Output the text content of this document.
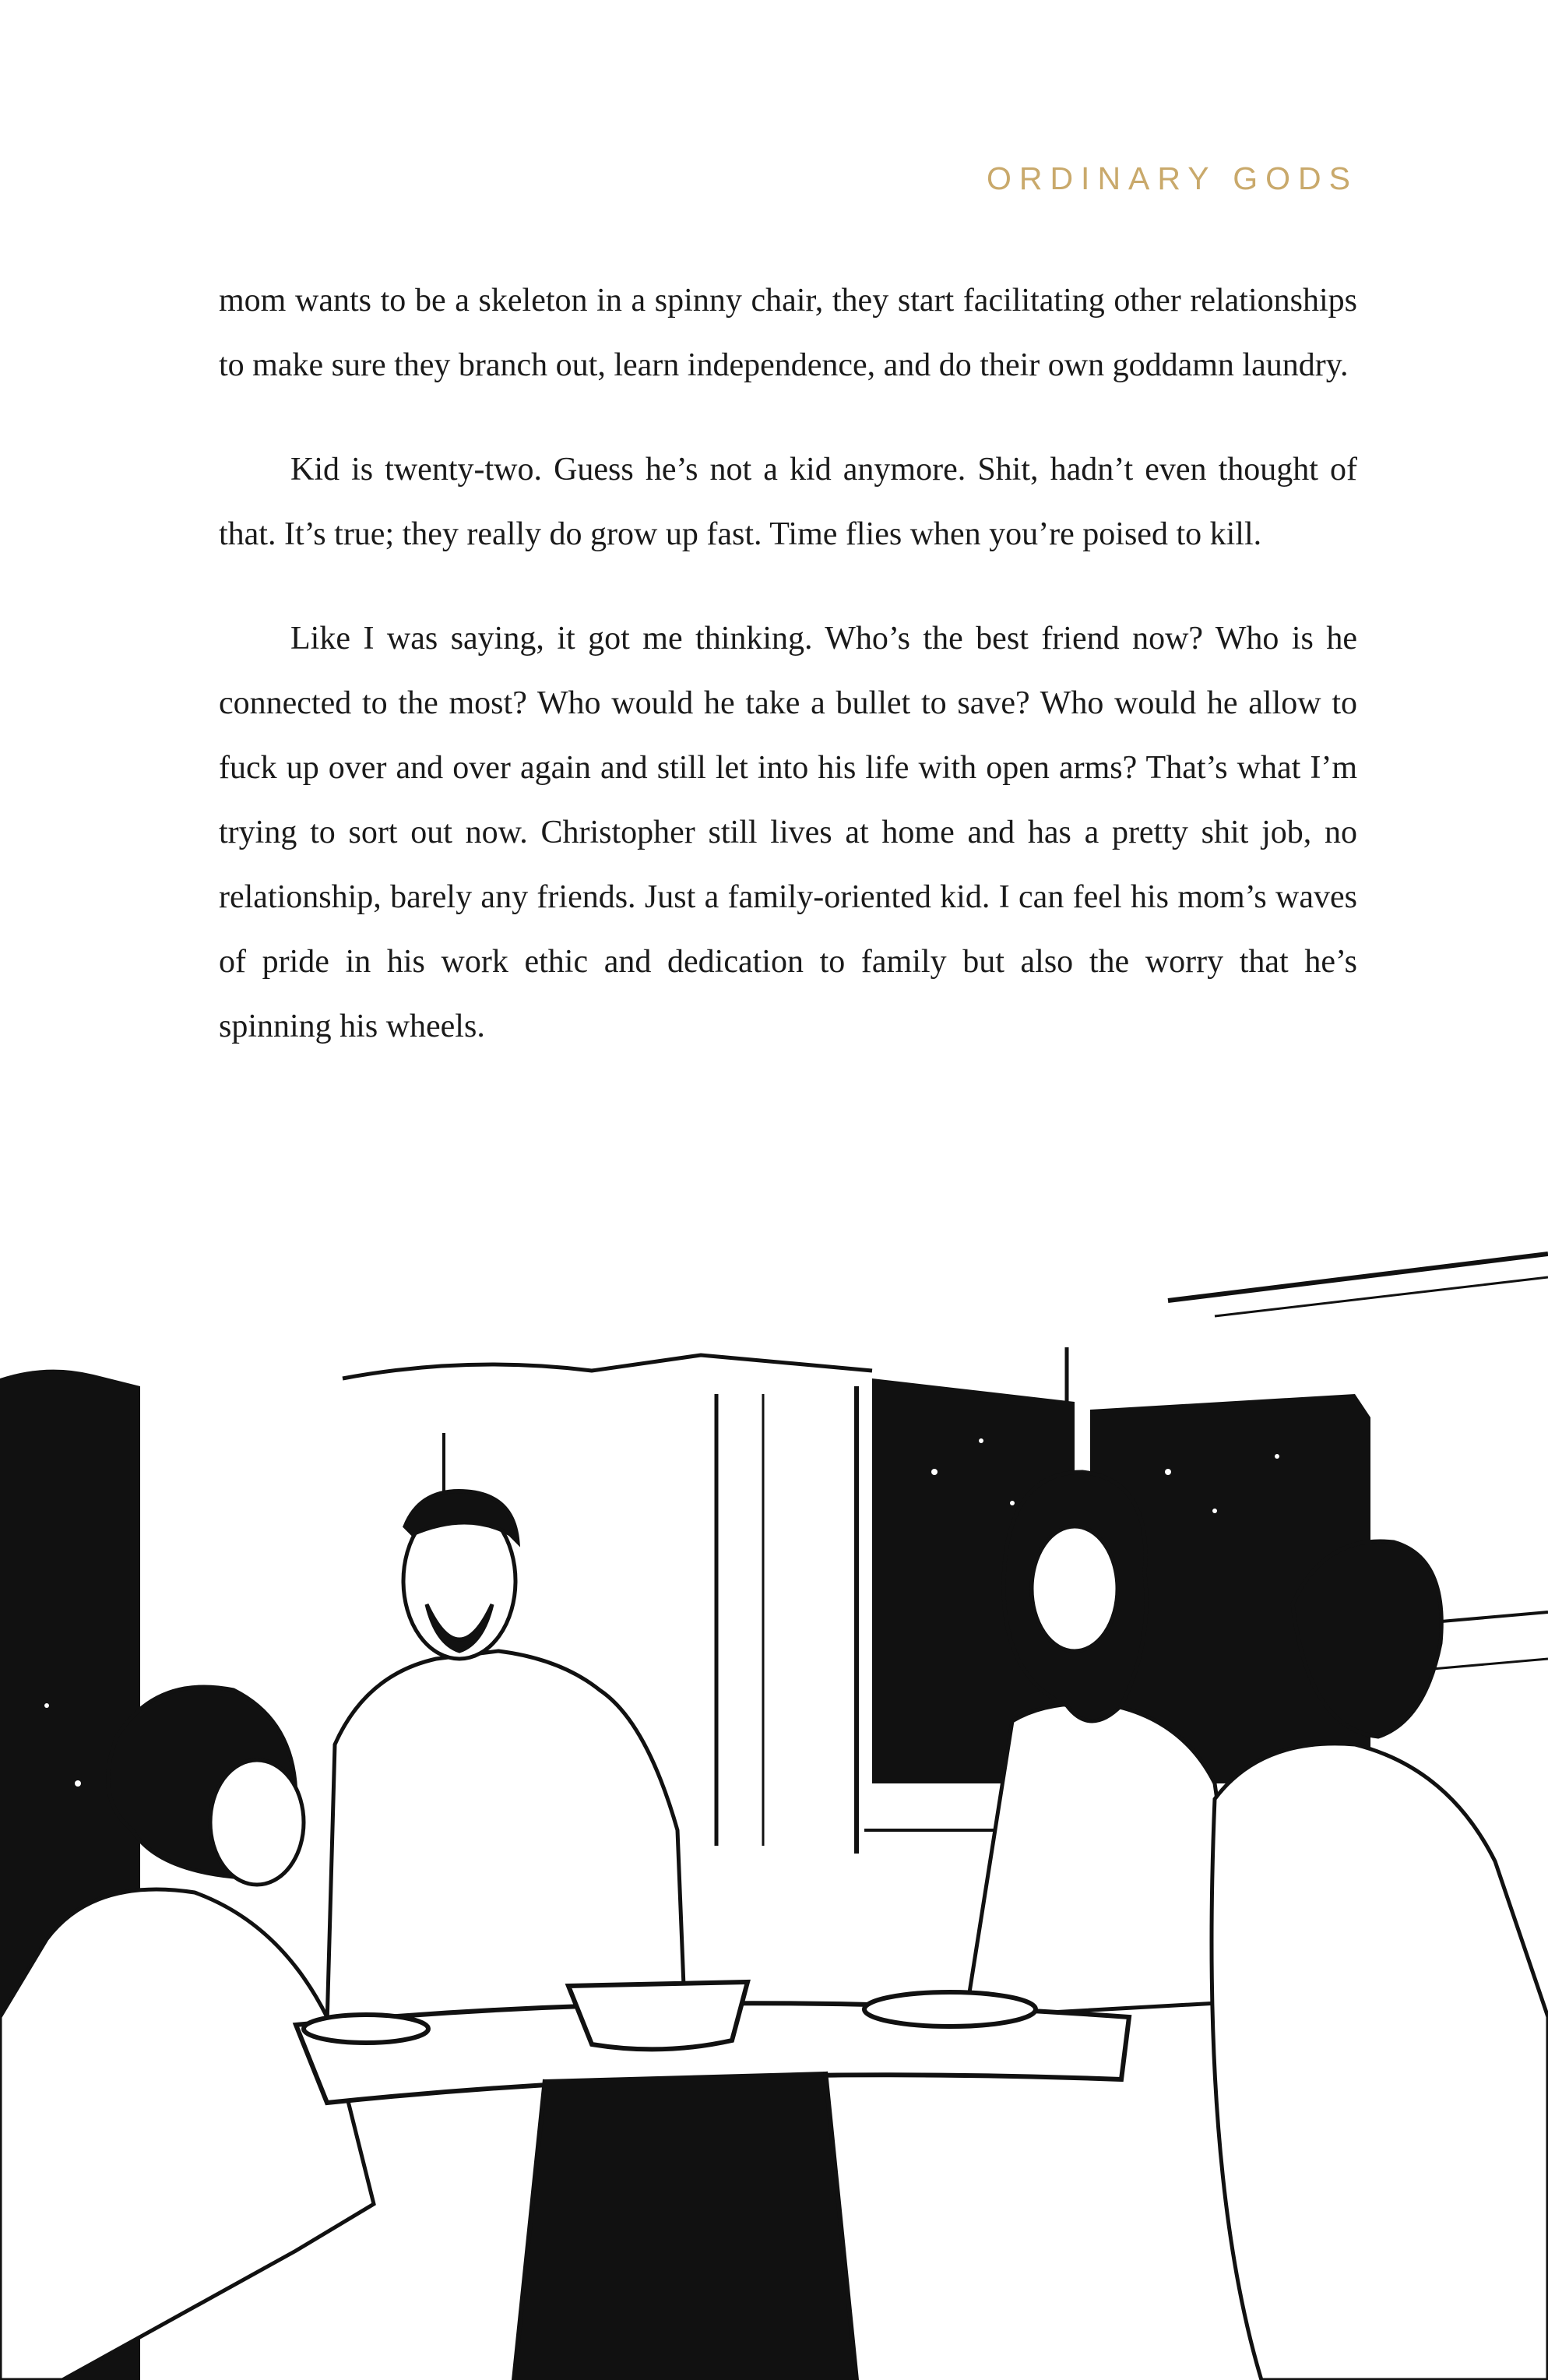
ORDINARY GODS

mom wants to be a skeleton in a spinny chair, they start facilitating other relationships to make sure they branch out, learn independence, and do their own goddamn laundry.

Kid is twenty-two. Guess he’s not a kid anymore. Shit, hadn’t even thought of that. It’s true; they really do grow up fast. Time flies when you’re poised to kill.

Like I was saying, it got me thinking. Who’s the best friend now? Who is he connected to the most? Who would he take a bullet to save? Who would he allow to fuck up over and over again and still let into his life with open arms? That’s what I’m trying to sort out now. Christopher still lives at home and has a pretty shit job, no relationship, barely any friends. Just a family-oriented kid. I can feel his mom’s waves of pride in his work ethic and dedication to family but also the worry that he’s spinning his wheels.
